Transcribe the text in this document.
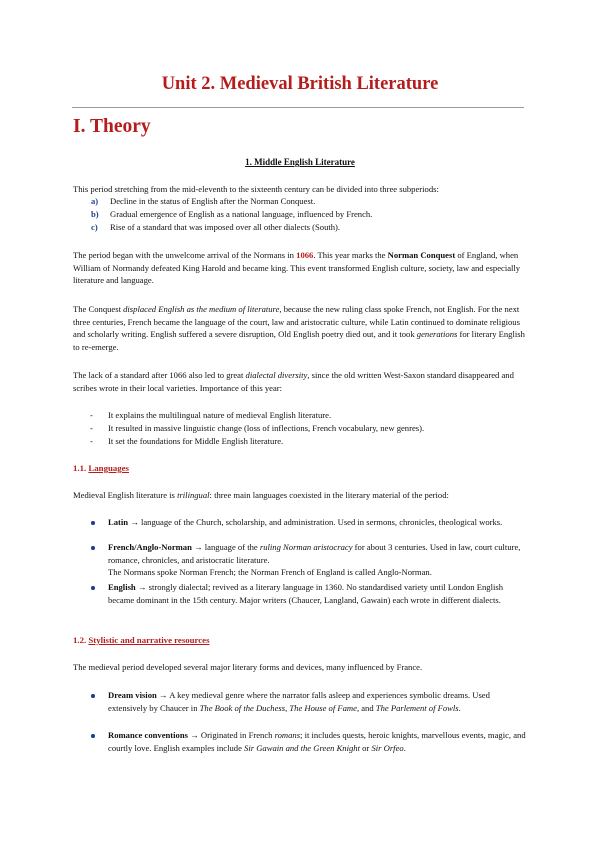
Unit 2. Medieval British Literature
I. Theory
1. Middle English Literature

This period stretching from the mid-eleventh to the sixteenth century can be divided into three subperiods:

a) Decline in the status of English after the Norman Conquest.
b) Gradual emergence of English as a national language, influenced by French.
c) Rise of a standard that was imposed over all other dialects (South).

The period began with the unwelcome arrival of the Normans in 1066. This year marks the Norman Conquest of England, when William of Normandy defeated King Harold and became king. This event transformed English culture, society, law and especially literature and language.

The Conquest displaced English as the medium of literature, because the new ruling class spoke French, not English. For the next three centuries, French became the language of the court, law and aristocratic culture, while Latin continued to dominate religious and scholarly writing. English suffered a severe disruption, Old English poetry died out, and it took generations for literary English to re-emerge.

The lack of a standard after 1066 also led to great dialectal diversity, since the old written West-Saxon standard disappeared and scribes wrote in their local varieties. Importance of this year:

- It explains the multilingual nature of medieval English literature.
- It resulted in massive linguistic change (loss of inflections, French vocabulary, new genres).
- It set the foundations for Middle English literature.
1.1. Languages

Medieval English literature is trilingual: three main languages coexisted in the literary material of the period:

Latin → language of the Church, scholarship, and administration. Used in sermons, chronicles, theological works.

French/Anglo-Norman → language of the ruling Norman aristocracy for about 3 centuries. Used in law, court culture, romance, chronicles, and aristocratic literature.
The Normans spoke Norman French; the Norman French of England is called Anglo-Norman.

English → strongly dialectal; revived as a literary language in 1360. No standardised variety until London English became dominant in the 15th century. Major writers (Chaucer, Langland, Gawain) each wrote in different dialects.

1.2. Stylistic and narrative resources

The medieval period developed several major literary forms and devices, many influenced by France.

Dream vision → A key medieval genre where the narrator falls asleep and experiences symbolic dreams. Used extensively by Chaucer in The Book of the Duchess, The House of Fame, and The Parlement of Fowls.

Romance conventions → Originated in French romans; it includes quests, heroic knights, marvellous events, magic, and courtly love. English examples include Sir Gawain and the Green Knight or Sir Orfeo.
